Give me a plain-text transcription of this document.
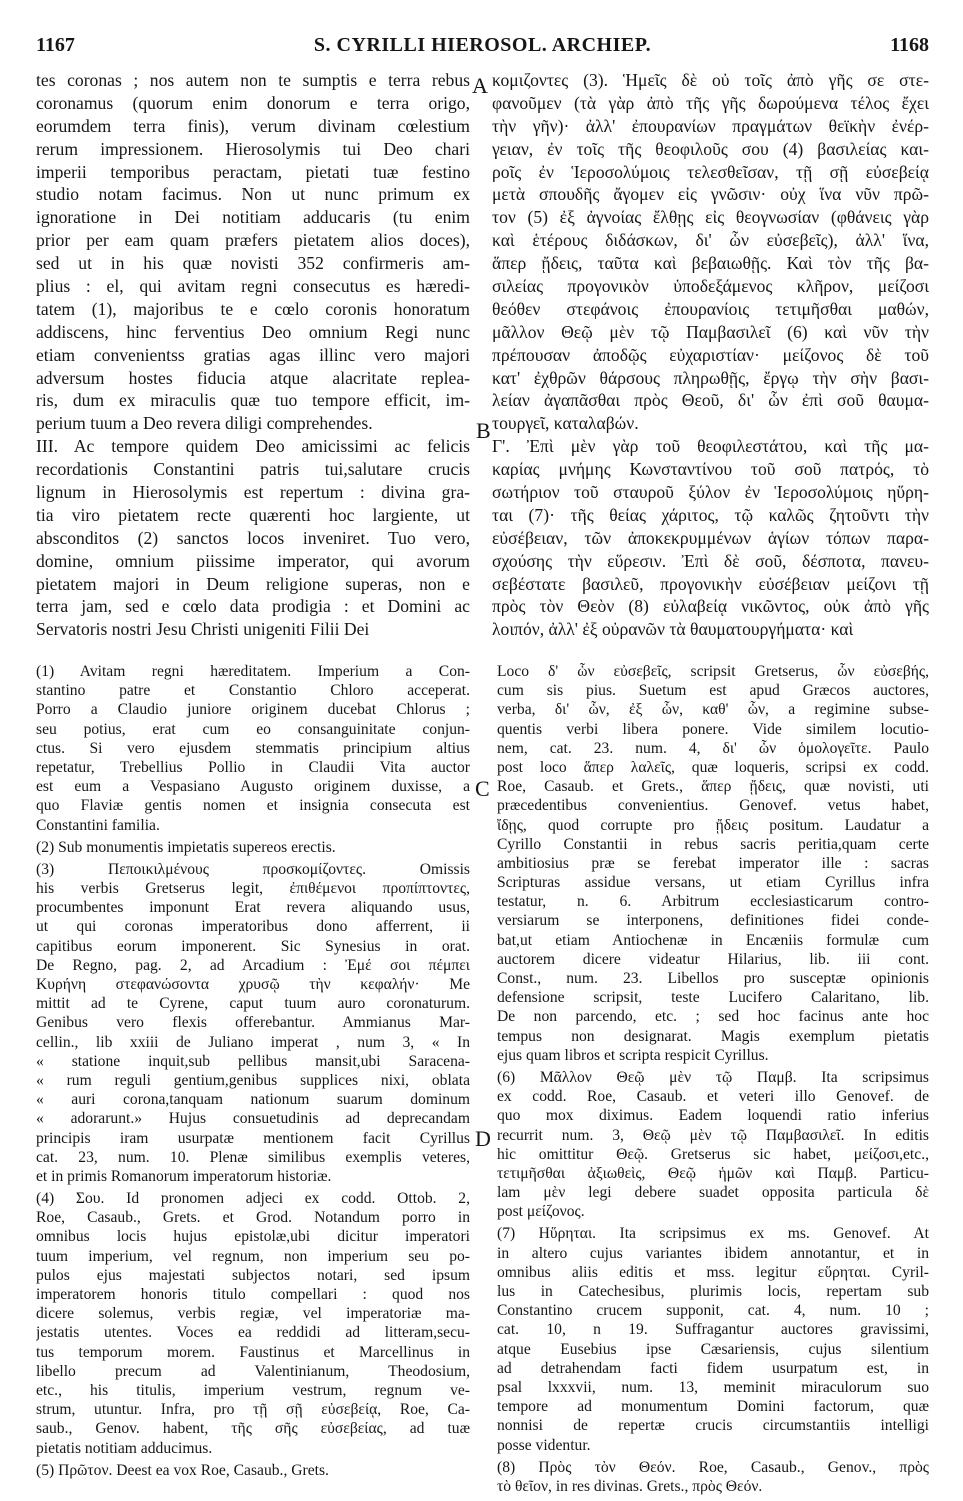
1167	S. CYRILLI HIEROSOL. ARCHIEP.	1168
A
B
C
D
tes coronas ; nos autem non te sumptis e terra rebus
coronamus (quorum enim donorum e terra origo,
eorumdem terra finis), verum divinam cœlestium
rerum impressionem. Hierosolymis tui Deo chari
imperii temporibus peractam, pietati tuæ festino
studio notam facimus. Non ut nunc primum ex
ignoratione in Dei notitiam adducaris (tu enim
prior per eam quam præfers pietatem alios doces),
sed ut in his quæ novisti 352 confirmeris am-
plius : el, qui avitam regni consecutus es hæredi-
tatem (1), majoribus te e cœlo coronis honoratum
addiscens, hinc ferventius Deo omnium Regi nunc
etiam convenientss gratias agas illinc vero majori
adversum hostes fiducia atque alacritate replea-
ris, dum ex miraculis quæ tuo tempore efficit, im-
perium tuum a Deo revera diligi comprehendes.
III. Ac tempore quidem Deo amicissimi ac felicis
recordationis Constantini patris tui,salutare crucis
lignum in Hierosolymis est repertum : divina gra-
tia viro pietatem recte quærenti hoc largiente, ut
absconditos (2) sanctos locos inveniret. Tuo vero,
domine, omnium piissime imperator, qui avorum
pietatem majori in Deum religione superas, non e
terra jam, sed e cœlo data prodigia : et Domini ac
Servatoris nostri Jesu Christi unigeniti Filii Dei
κομιζοντες (3). Ἡμεῖς δὲ οὐ τοῖς ἀπὸ γῆς σε στε-
φανοῦμεν (τὰ γὰρ ἀπὸ τῆς γῆς δωρούμενα τέλος ἔχει
τὴν γῆν)· ἀλλ' ἐπουρανίων πραγμάτων θεϊκὴν ἐνέρ-
γειαν, ἐν τοῖς τῆς θεοφιλοῦς σου (4) βασιλείας και-
ροῖς ἐν Ἱεροσολύμοις τελεσθεῖσαν, τῇ σῇ εὐσεβείᾳ
μετὰ σπουδῆς ἄγομεν εἰς γνῶσιν· οὐχ ἵνα νῦν πρῶ-
τον (5) ἐξ ἀγνοίας ἔλθῃς εἰς θεογνωσίαν (φθάνεις γὰρ
καὶ ἑτέρους διδάσκων, δι' ὧν εὐσεβεῖς), ἀλλ' ἵνα,
ἅπερ ᾔδεις, ταῦτα καὶ βεβαιωθῇς. Καὶ τὸν τῆς βα-
σιλείας προγονικὸν ὑποδεξάμενος κλῆρον, μείζοσι
θεόθεν στεφάνοις ἐπουρανίοις τετιμῆσθαι μαθών,
μᾶλλον Θεῷ μὲν τῷ Παμβασιλεῖ (6) καὶ νῦν τὴν
πρέπουσαν ἀποδῷς εὐχαριστίαν· μείζονος δὲ τοῦ
κατ' ἐχθρῶν θάρσους πληρωθῇς, ἔργῳ τὴν σὴν βασι-
λείαν ἀγαπᾶσθαι πρὸς Θεοῦ, δι' ὧν ἐπὶ σοῦ θαυμα-
τουργεῖ, καταλαβών.
Γ'. Ἐπὶ μὲν γὰρ τοῦ θεοφιλεστάτου, καὶ τῆς μα-
καρίας μνήμης Κωνσταντίνου τοῦ σοῦ πατρός, τὸ
σωτήριον τοῦ σταυροῦ ξύλον ἐν Ἱεροσολύμοις ηὕρη-
ται (7)· τῆς θείας χάριτος, τῷ καλῶς ζητοῦντι τὴν
εὐσέβειαν, τῶν ἀποκεκρυμμένων ἁγίων τόπων παρα-
σχούσης τὴν εὕρεσιν. Ἐπὶ δὲ σοῦ, δέσποτα, πανευ-
σεβέστατε βασιλεῦ, προγονικὴν εὐσέβειαν μείζονι τῇ
πρὸς τὸν Θεὸν (8) εὐλαβείᾳ νικῶντος, οὐκ ἀπὸ γῆς
λοιπόν, ἀλλ' ἐξ οὐρανῶν τὰ θαυματουργήματα· καὶ
(1) Avitam regni hæreditatem. Imperium a Con-
stantino patre et Constantio Chloro acceperat.
Porro a Claudio juniore originem ducebat Chlorus ;
seu potius, erat cum eo consanguinitate conjun-
ctus. Si vero ejusdem stemmatis principium altius
repetatur, Trebellius Pollio in Claudii Vita auctor
est eum a Vespasiano Augusto originem duxisse, a
quo Flaviæ gentis nomen et insignia consecuta est
Constantini familia.
(2) Sub monumentis impietatis supereos erectis.
(3) Πεποικιλμένους προσκομίζοντες. Omissis
his verbis Gretserus legit, ἐπιθέμενοι προπίπτοντες,
procumbentes imponunt Erat revera aliquando usus,
ut qui coronas imperatoribus dono afferrent, ii
capitibus eorum imponerent. Sic Synesius in orat.
De Regno, pag. 2, ad Arcadium : Ἐμέ σοι πέμπει
Κυρήνη στεφανώσοντα χρυσῷ τὴν κεφαλήν· Me
mittit ad te Cyrene, caput tuum auro coronaturum.
Genibus vero flexis offerebantur. Ammianus Mar-
cellin., lib xxiii de Juliano imperat , num 3, « In
« statione inquit,sub pellibus mansit,ubi Saracena-
« rum reguli gentium,genibus supplices nixi, oblata
« auri corona,tanquam nationum suarum dominum
« adorarunt.» Hujus consuetudinis ad deprecandam
principis iram usurpatæ mentionem facit Cyrillus
cat. 23, num. 10. Plenæ similibus exemplis veteres,
et in primis Romanorum imperatorum historiæ.
(4) Σου. Id pronomen adjeci ex codd. Ottob. 2,
Roe, Casaub., Grets. et Grod. Notandum porro in
omnibus locis hujus epistolæ,ubi dicitur imperatori
tuum imperium, vel regnum, non imperium seu po-
pulos ejus majestati subjectos notari, sed ipsum
imperatorem honoris titulo compellari : quod nos
dicere solemus, verbis regiæ, vel imperatoriæ ma-
jestatis utentes. Voces ea reddidi ad litteram,secu-
tus temporum morem. Faustinus et Marcellinus in
libello precum ad Valentinianum, Theodosium,
etc., his titulis, imperium vestrum, regnum ve-
strum, utuntur. Infra, pro τῇ σῇ εὐσεβείᾳ, Roe, Ca-
saub., Genov. habent, τῆς σῆς εὐσεβείας, ad tuæ
pietatis notitiam adducimus.
(5) Πρῶτον. Deest ea vox Roe, Casaub., Grets.
Loco δ' ὧν εὐσεβεῖς, scripsit Gretserus, ὧν εὐσεβής,
cum sis pius. Suetum est apud Græcos auctores,
verba, δι' ὧν, ἐξ ὧν, καθ' ὧν, a regimine subse-
quentis verbi libera ponere. Vide similem locutio-
nem, cat. 23. num. 4, δι' ὧν ὁμολογεῖτε. Paulo
post loco ἅπερ λαλεῖς, quæ loqueris, scripsi ex codd.
Roe, Casaub. et Grets., ἅπερ ᾔδεις, quæ novisti, uti
præcedentibus convenientius. Genovef. vetus habet,
ἴδῃς, quod corrupte pro ᾔδεις positum. Laudatur a
Cyrillo Constantii in rebus sacris peritia,quam certe
ambitiosius præ se ferebat imperator ille : sacras
Scripturas assidue versans, ut etiam Cyrillus infra
testatur, n. 6. Arbitrum ecclesiasticarum contro-
versiarum se interponens, definitiones fidei conde-
bat,ut etiam Antiochenæ in Encæniis formulæ cum
auctorem dicere videatur Hilarius, lib. iii cont.
Const., num. 23. Libellos pro susceptæ opinionis
defensione scripsit, teste Lucifero Calaritano, lib.
De non parcendo, etc. ; sed hoc facinus ante hoc
tempus non designarat. Magis exemplum pietatis
ejus quam libros et scripta respicit Cyrillus.
(6) Μᾶλλον Θεῷ μὲν τῷ Παμβ. Ita scripsimus
ex codd. Roe, Casaub. et veteri illo Genovef. de
quo mox diximus. Eadem loquendi ratio inferius
recurrit num. 3, Θεῷ μὲν τῷ Παμβασιλεῖ. In editis
hic omittitur Θεῷ. Gretserus sic habet, μείζοσι,etc.,
τετιμῆσθαι ἀξιωθεὶς, Θεῷ ἡμῶν καὶ Παμβ. Particu-
lam μὲν legi debere suadet opposita particula δὲ
post μείζονος.
(7) Ηὕρηται. Ita scripsimus ex ms. Genovef. At
in altero cujus variantes ibidem annotantur, et in
omnibus aliis editis et mss. legitur εὕρηται. Cyril-
lus in Catechesibus, plurimis locis, repertam sub
Constantino crucem supponit, cat. 4, num. 10 ;
cat. 10, n 19. Suffragantur auctores gravissimi,
atque Eusebius ipse Cæsariensis, cujus silentium
ad detrahendam facti fidem usurpatum est, in
psal lxxxvii, num. 13, meminit miraculorum suo
tempore ad monumentum Domini factorum, quæ
nonnisi de repertæ crucis circumstantiis intelligi
posse videntur.
(8) Πρὸς τὸν Θεόν. Roe, Casaub., Genov., πρὸς
τὸ θεῖον, in res divinas. Grets., πρὸς Θεόν.
